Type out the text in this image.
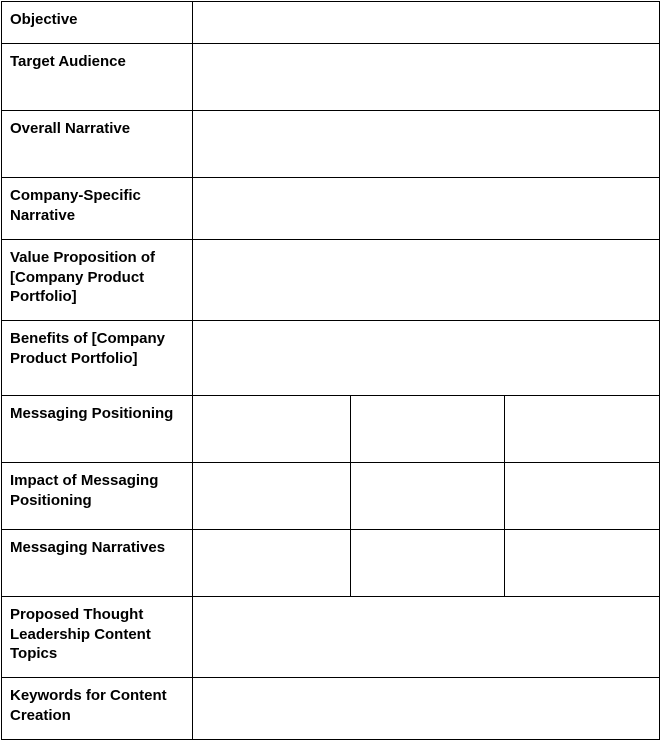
Objective			
Target Audience			
Overall Narrative			
Company-Specific Narrative			
Value Proposition of [Company Product Portfolio]			
Benefits of [Company Product Portfolio]			
Messaging Positioning			
Impact of Messaging Positioning			
Messaging Narratives			
Proposed Thought Leadership Content Topics			
Keywords for Content Creation			
